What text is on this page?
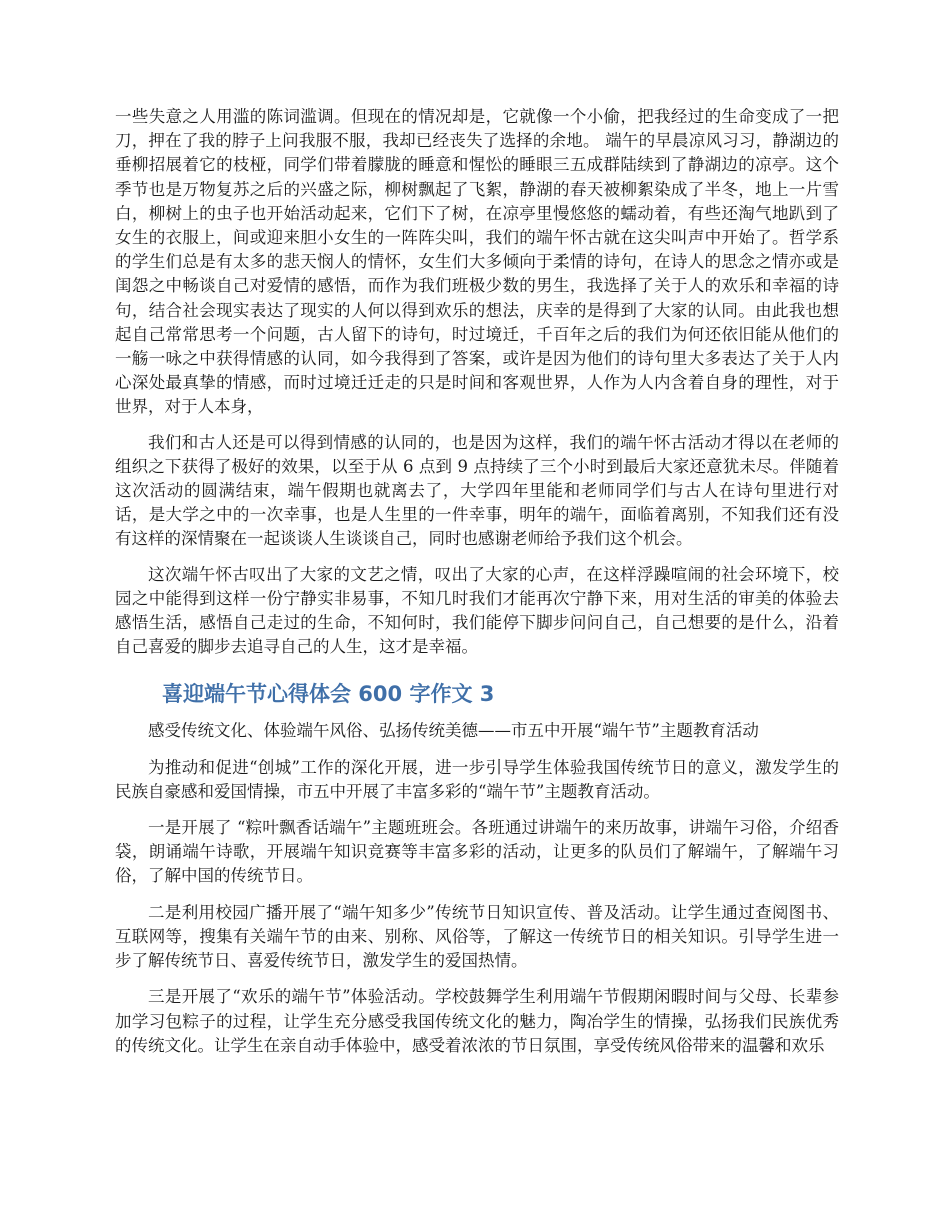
一些失意之人用滥的陈词滥调。但现在的情况却是，它就像一个小偷，把我经过的生命变成了一把刀，押在了我的脖子上问我服不服，我却已经丧失了选择的余地。 端午的早晨凉风习习，静湖边的垂柳招展着它的枝桠，同学们带着朦胧的睡意和惺忪的睡眼三五成群陆续到了静湖边的凉亭。这个季节也是万物复苏之后的兴盛之际，柳树飘起了飞絮，静湖的春天被柳絮染成了半冬，地上一片雪白，柳树上的虫子也开始活动起来，它们下了树，在凉亭里慢悠悠的蠕动着，有些还淘气地趴到了女生的衣服上，间或迎来胆小女生的一阵阵尖叫，我们的端午怀古就在这尖叫声中开始了。哲学系的学生们总是有太多的悲天悯人的情怀，女生们大多倾向于柔情的诗句，在诗人的思念之情亦或是闺怨之中畅谈自己对爱情的感悟，而作为我们班极少数的男生，我选择了关于人的欢乐和幸福的诗句，结合社会现实表达了现实的人何以得到欢乐的想法，庆幸的是得到了大家的认同。由此我也想起自己常常思考一个问题，古人留下的诗句，时过境迁，千百年之后的我们为何还依旧能从他们的一觞一咏之中获得情感的认同，如今我得到了答案，或许是因为他们的诗句里大多表达了关于人内心深处最真挚的情感，而时过境迁迁走的只是时间和客观世界，人作为人内含着自身的理性，对于世界，对于人本身，

我们和古人还是可以得到情感的认同的，也是因为这样，我们的端午怀古活动才得以在老师的组织之下获得了极好的效果，以至于从 6 点到 9 点持续了三个小时到最后大家还意犹未尽。伴随着这次活动的圆满结束，端午假期也就离去了，大学四年里能和老师同学们与古人在诗句里进行对话，是大学之中的一次幸事，也是人生里的一件幸事，明年的端午，面临着离别，不知我们还有没有这样的深情聚在一起谈谈人生谈谈自己，同时也感谢老师给予我们这个机会。

这次端午怀古叹出了大家的文艺之情，叹出了大家的心声，在这样浮躁喧闹的社会环境下，校园之中能得到这样一份宁静实非易事，不知几时我们才能再次宁静下来，用对生活的审美的体验去感悟生活，感悟自己走过的生命，不知何时，我们能停下脚步问问自己，自己想要的是什么，沿着自己喜爱的脚步去追寻自己的人生，这才是幸福。

喜迎端午节心得体会 600 字作文 3

感受传统文化、体验端午风俗、弘扬传统美德——市五中开展“端午节”主题教育活动

为推动和促进“创城”工作的深化开展，进一步引导学生体验我国传统节日的意义，激发学生的民族自豪感和爱国情操，市五中开展了丰富多彩的“端午节”主题教育活动。

一是开展了 “粽叶飘香话端午”主题班班会。各班通过讲端午的来历故事，讲端午习俗，介绍香袋，朗诵端午诗歌，开展端午知识竞赛等丰富多彩的活动，让更多的队员们了解端午，了解端午习俗，了解中国的传统节日。

二是利用校园广播开展了“端午知多少”传统节日知识宣传、普及活动。让学生通过查阅图书、互联网等，搜集有关端午节的由来、别称、风俗等，了解这一传统节日的相关知识。引导学生进一步了解传统节日、喜爱传统节日，激发学生的爱国热情。

三是开展了“欢乐的端午节”体验活动。学校鼓舞学生利用端午节假期闲暇时间与父母、长辈参加学习包粽子的过程，让学生充分感受我国传统文化的魅力，陶冶学生的情操，弘扬我们民族优秀的传统文化。让学生在亲自动手体验中，感受着浓浓的节日氛围，享受传统风俗带来的温馨和欢乐
